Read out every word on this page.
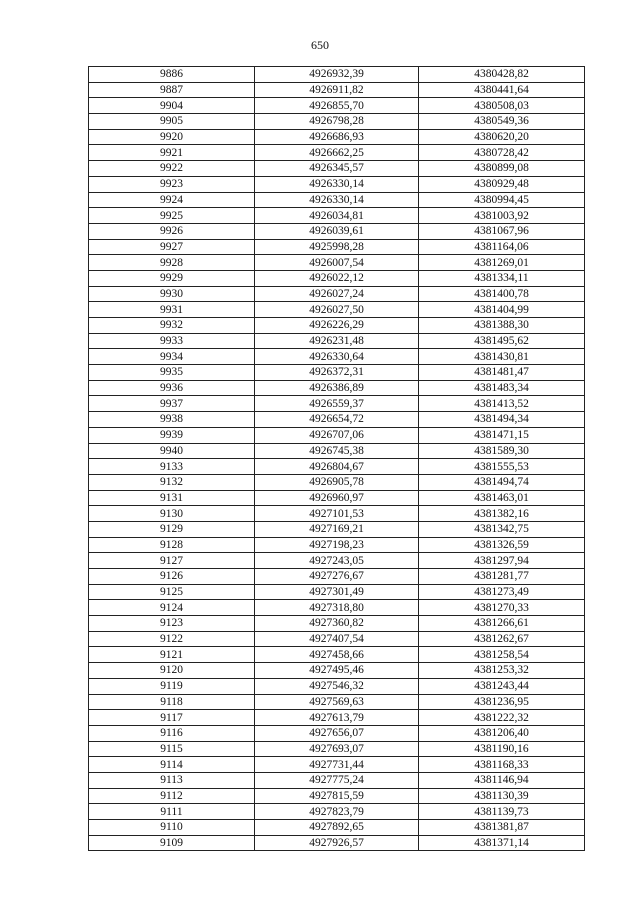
650
9886	4926932,39	4380428,82
9887	4926911,82	4380441,64
9904	4926855,70	4380508,03
9905	4926798,28	4380549,36
9920	4926686,93	4380620,20
9921	4926662,25	4380728,42
9922	4926345,57	4380899,08
9923	4926330,14	4380929,48
9924	4926330,14	4380994,45
9925	4926034,81	4381003,92
9926	4926039,61	4381067,96
9927	4925998,28	4381164,06
9928	4926007,54	4381269,01
9929	4926022,12	4381334,11
9930	4926027,24	4381400,78
9931	4926027,50	4381404,99
9932	4926226,29	4381388,30
9933	4926231,48	4381495,62
9934	4926330,64	4381430,81
9935	4926372,31	4381481,47
9936	4926386,89	4381483,34
9937	4926559,37	4381413,52
9938	4926654,72	4381494,34
9939	4926707,06	4381471,15
9940	4926745,38	4381589,30
9133	4926804,67	4381555,53
9132	4926905,78	4381494,74
9131	4926960,97	4381463,01
9130	4927101,53	4381382,16
9129	4927169,21	4381342,75
9128	4927198,23	4381326,59
9127	4927243,05	4381297,94
9126	4927276,67	4381281,77
9125	4927301,49	4381273,49
9124	4927318,80	4381270,33
9123	4927360,82	4381266,61
9122	4927407,54	4381262,67
9121	4927458,66	4381258,54
9120	4927495,46	4381253,32
9119	4927546,32	4381243,44
9118	4927569,63	4381236,95
9117	4927613,79	4381222,32
9116	4927656,07	4381206,40
9115	4927693,07	4381190,16
9114	4927731,44	4381168,33
9113	4927775,24	4381146,94
9112	4927815,59	4381130,39
9111	4927823,79	4381139,73
9110	4927892,65	4381381,87
9109	4927926,57	4381371,14
